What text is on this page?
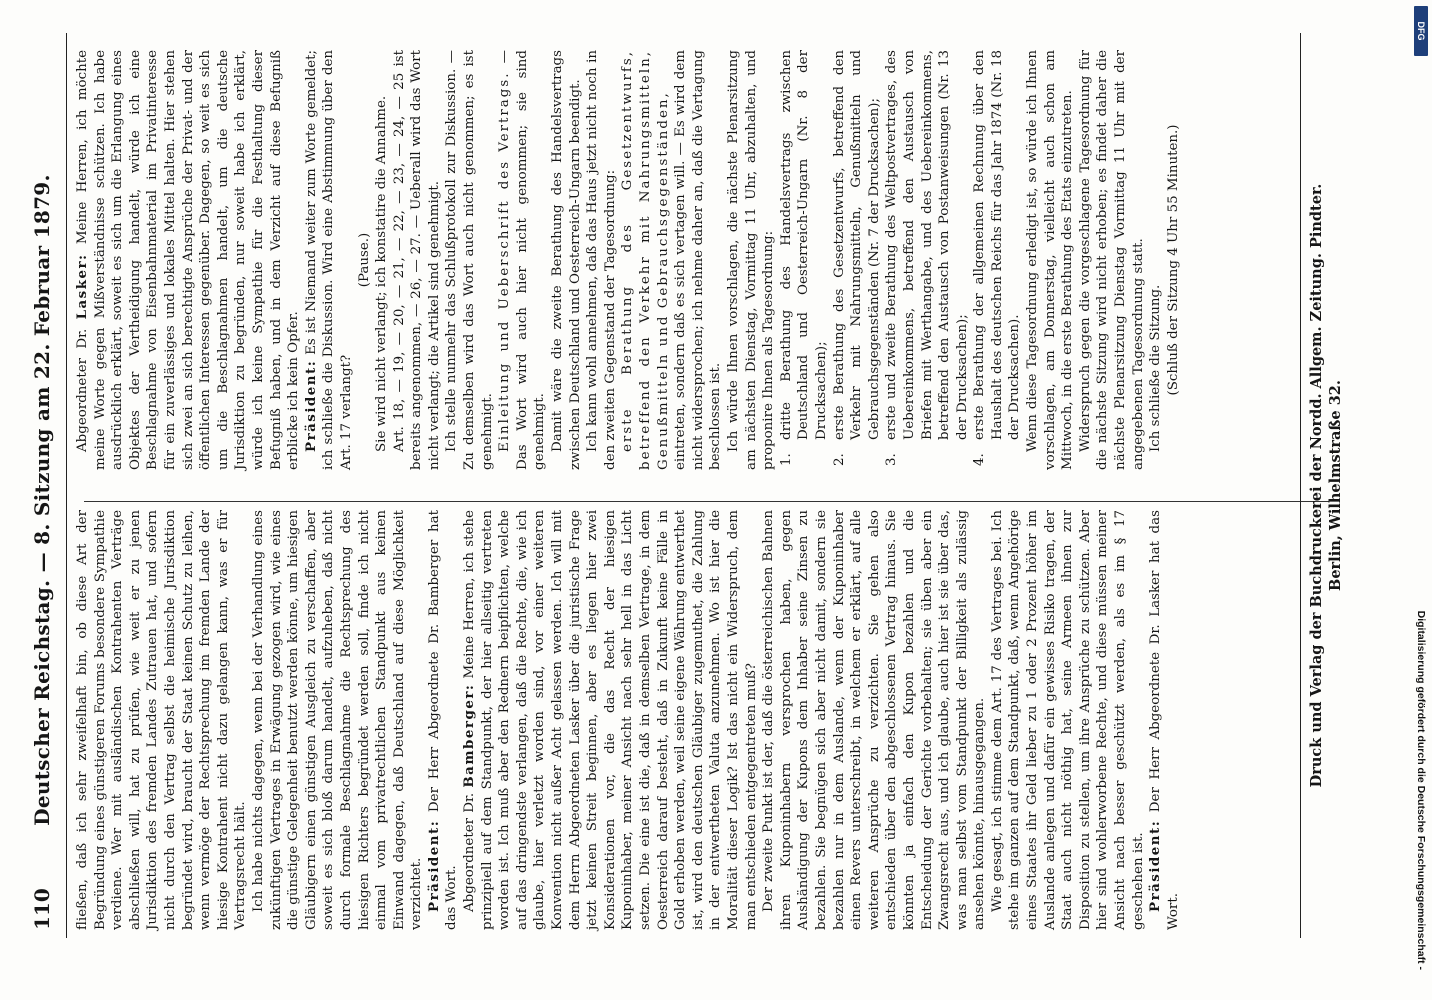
110
Deutscher Reichstag. — 8. Sitzung am 22. Februar 1879. fließen, daß ich sehr zweifelhaft bin, ob diese Art der Begründung eines günstigeren Forums besondere Sympathie verdiene. Wer mit ausländischen Kontrahenten Verträge abschließen will, hat zu prüfen, wie weit er zu jenen Jurisdiktion des fremden Landes Zutrauen hat, und sofern nicht durch den Vertrag selbst die heimische Jurisdiktion begründet wird, braucht der Staat keinen Schutz zu leihen, wenn vermöge der Rechtsprechung im fremden Lande der hiesige Kontrahent nicht dazu gelangen kann, was er für Vertragsrecht hält. Ich habe nichts dagegen, wenn bei der Verhandlung eines zukünftigen Vertrages in Erwägung gezogen wird, wie eines die günstige Gelegenheit benutzt werden könne, um hiesigen Gläubigern einen günstigen Ausgleich zu verschaffen, aber soweit es sich bloß darum handelt, aufzuheben, daß nicht durch formale Beschlagnahme die Rechtsprechung des hiesigen Richters begründet werden soll, finde ich nicht einmal vom privatrechtlichen Standpunkt aus keinen Einwand dagegen, daß Deutschland auf diese Möglichkeit verzichtet. Präsident: Der Herr Abgeordnete Dr. Bamberger hat das Wort. Abgeordneter Dr. Bamberger: Meine Herren, ich stehe prinzipiell auf dem Standpunkt, der hier allseitig vertreten worden ist. Ich muß aber den Rednern beipflichten, welche auf das dringendste verlangen, daß die Rechte, die, wie ich glaube, hier verletzt worden sind, vor einer weiteren Konvention nicht außer Acht gelassen werden. Ich will mit dem Herrn Abgeordneten Lasker über die juristische Frage jetzt keinen Streit beginnen, aber es liegen hier zwei Konsiderationen vor, die das Recht der hiesigen Kuponinhaber, meiner Ansicht nach sehr hell in das Licht setzen. Die eine ist die, daß in demselben Vertrage, in dem Oesterreich darauf besteht, daß in Zukunft keine Fälle in Gold erhoben werden, weil seine eigene Währung entwerthet ist, wird den deutschen Gläubiger zugemuthet, die Zahlung in der entwertheten Valuta anzunehmen. Wo ist hier die Moralität dieser Logik? Ist das nicht ein Widerspruch, dem man entschieden entgegentreten muß? Der zweite Punkt ist der, daß die österreichischen Bahnen ihren Kuponinhabern versprochen haben, gegen Aushändigung der Kupons dem Inhaber seine Zinsen zu bezahlen. Sie begnügen sich aber nicht damit, sondern sie bezahlen nur in dem Auslande, wenn der Kuponinhaber einen Revers unterschreibt, in welchem er erklärt, auf alle weiteren Ansprüche zu verzichten. Sie gehen also entschieden über den abgeschlossenen Vertrag hinaus. Sie könnten ja einfach den Kupon bezahlen und die Entscheidung der Gerichte vorbehalten; sie üben aber ein Zwangsrecht aus, und ich glaube, auch hier ist sie über das, was man selbst vom Standpunkt der Billigkeit als zulässig ansehen könnte, hinausgegangen. Wie gesagt, ich stimme dem Art. 17 des Vertrages bei. Ich stehe im ganzen auf dem Standpunkt, daß, wenn Angehörige eines Staates ihr Geld lieber zu 1 oder 2 Prozent höher im Auslande anlegen und dafür ein gewisses Risiko tragen, der Staat auch nicht nöthig hat, seine Armeen ihnen zur Disposition zu stellen, um ihre Ansprüche zu schützen. Aber hier sind wohlerworbene Rechte, und diese müssen meiner Ansicht nach besser geschützt werden, als es im § 17 geschehen ist. Präsident: Der Herr Abgeordnete Dr. Lasker hat das Wort.

Abgeordneter Dr. Lasker: Meine Herren, ich möchte meine Worte gegen Mißverständnisse schützen. Ich habe ausdrücklich erklärt, soweit es sich um die Erlangung eines Objektes der Vertheidigung handelt, würde ich eine Beschlagnahme von Eisenbahnmaterial im Privatinteresse für ein zuverlässiges und lokales Mittel halten. Hier stehen sich zwei an sich berechtigte Ansprüche der Privat- und der öffentlichen Interessen gegenüber. Dagegen, so weit es sich um die Beschlagnahmen handelt, um die deutsche Jurisdiktion zu begründen, nur soweit habe ich erklärt, würde ich keine Sympathie für die Festhaltung dieser Befugniß haben, und in dem Verzicht auf diese Befugniß erblicke ich kein Opfer. Präsident: Es ist Niemand weiter zum Worte gemeldet; ich schließe die Diskussion. Wird eine Abstimmung über den Art. 17 verlangt?

(Pause.) Sie wird nicht verlangt; ich konstatire die Annahme. Art. 18, — 19, — 20, — 21, — 22, — 23, — 24, — 25 ist bereits angenommen, — 26, — 27. — Ueberall wird das Wort nicht verlangt; die Artikel sind genehmigt. Ich stelle nunmehr das Schlußprotokoll zur Diskussion. — Zu demselben wird das Wort auch nicht genommen; es ist genehmigt. Einleitung und Ueberschrift des Vertrags. — Das Wort wird auch hier nicht genommen; sie sind genehmigt. Damit wäre die zweite Berathung des Handelsvertrags zwischen Deutschland und Oesterreich-Ungarn beendigt. Ich kann wohl annehmen, daß das Haus jetzt nicht noch in den zweiten Gegenstand der Tagesordnung: erste Berathung des Gesetzentwurfs, betreffend den Verkehr mit Nahrungsmitteln, Genußmitteln und Gebrauchsgegenständen, eintreten, sondern daß es sich vertagen will. — Es wird dem nicht widersprochen; ich nehme daher an, daß die Vertagung beschlossen ist. Ich würde Ihnen vorschlagen, die nächste Plenarsitzung am nächsten Dienstag, Vormittag 11 Uhr, abzuhalten, und proponire Ihnen als Tagesordnung: 1.
dritte Berathung des Handelsvertrags zwischen Deutschland und Oesterreich-Ungarn (Nr. 8 der Drucksachen);
2.
erste Berathung des Gesetzentwurfs, betreffend den Verkehr mit Nahrungsmitteln, Genußmitteln und Gebrauchsgegenständen (Nr. 7 der Drucksachen);
3.
erste und zweite Berathung des Weltpostvertrages, des Uebereinkommens, betreffend den Austausch von Briefen mit Werthangabe, und des Uebereinkommens, betreffend den Austausch von Postanweisungen (Nr. 13 der Drucksachen);
4.
erste Berathung der allgemeinen Rechnung über den Haushalt des deutschen Reichs für das Jahr 1874 (Nr. 18 der Drucksachen). Wenn diese Tagesordnung erledigt ist, so würde ich Ihnen vorschlagen, am Donnerstag, vielleicht auch schon am Mittwoch, in die erste Berathung des Etats einzutreten. Widerspruch gegen die vorgeschlagene Tagesordnung für die nächste Sitzung wird nicht erhoben; es findet daher die nächste Plenarsitzung Dienstag Vormittag 11 Uhr mit der angegebenen Tagesordnung statt. Ich schließe die Sitzung. (Schluß der Sitzung 4 Uhr 55 Minuten.)	Druck und Verlag der Buchdruckerei der Nordd. Allgem. Zeitung. Pindter. Berlin, Wilhelmstraße 32.

DFG
Digitalisierung gefördert durch die Deutsche Forschungsgemeinschaft -
